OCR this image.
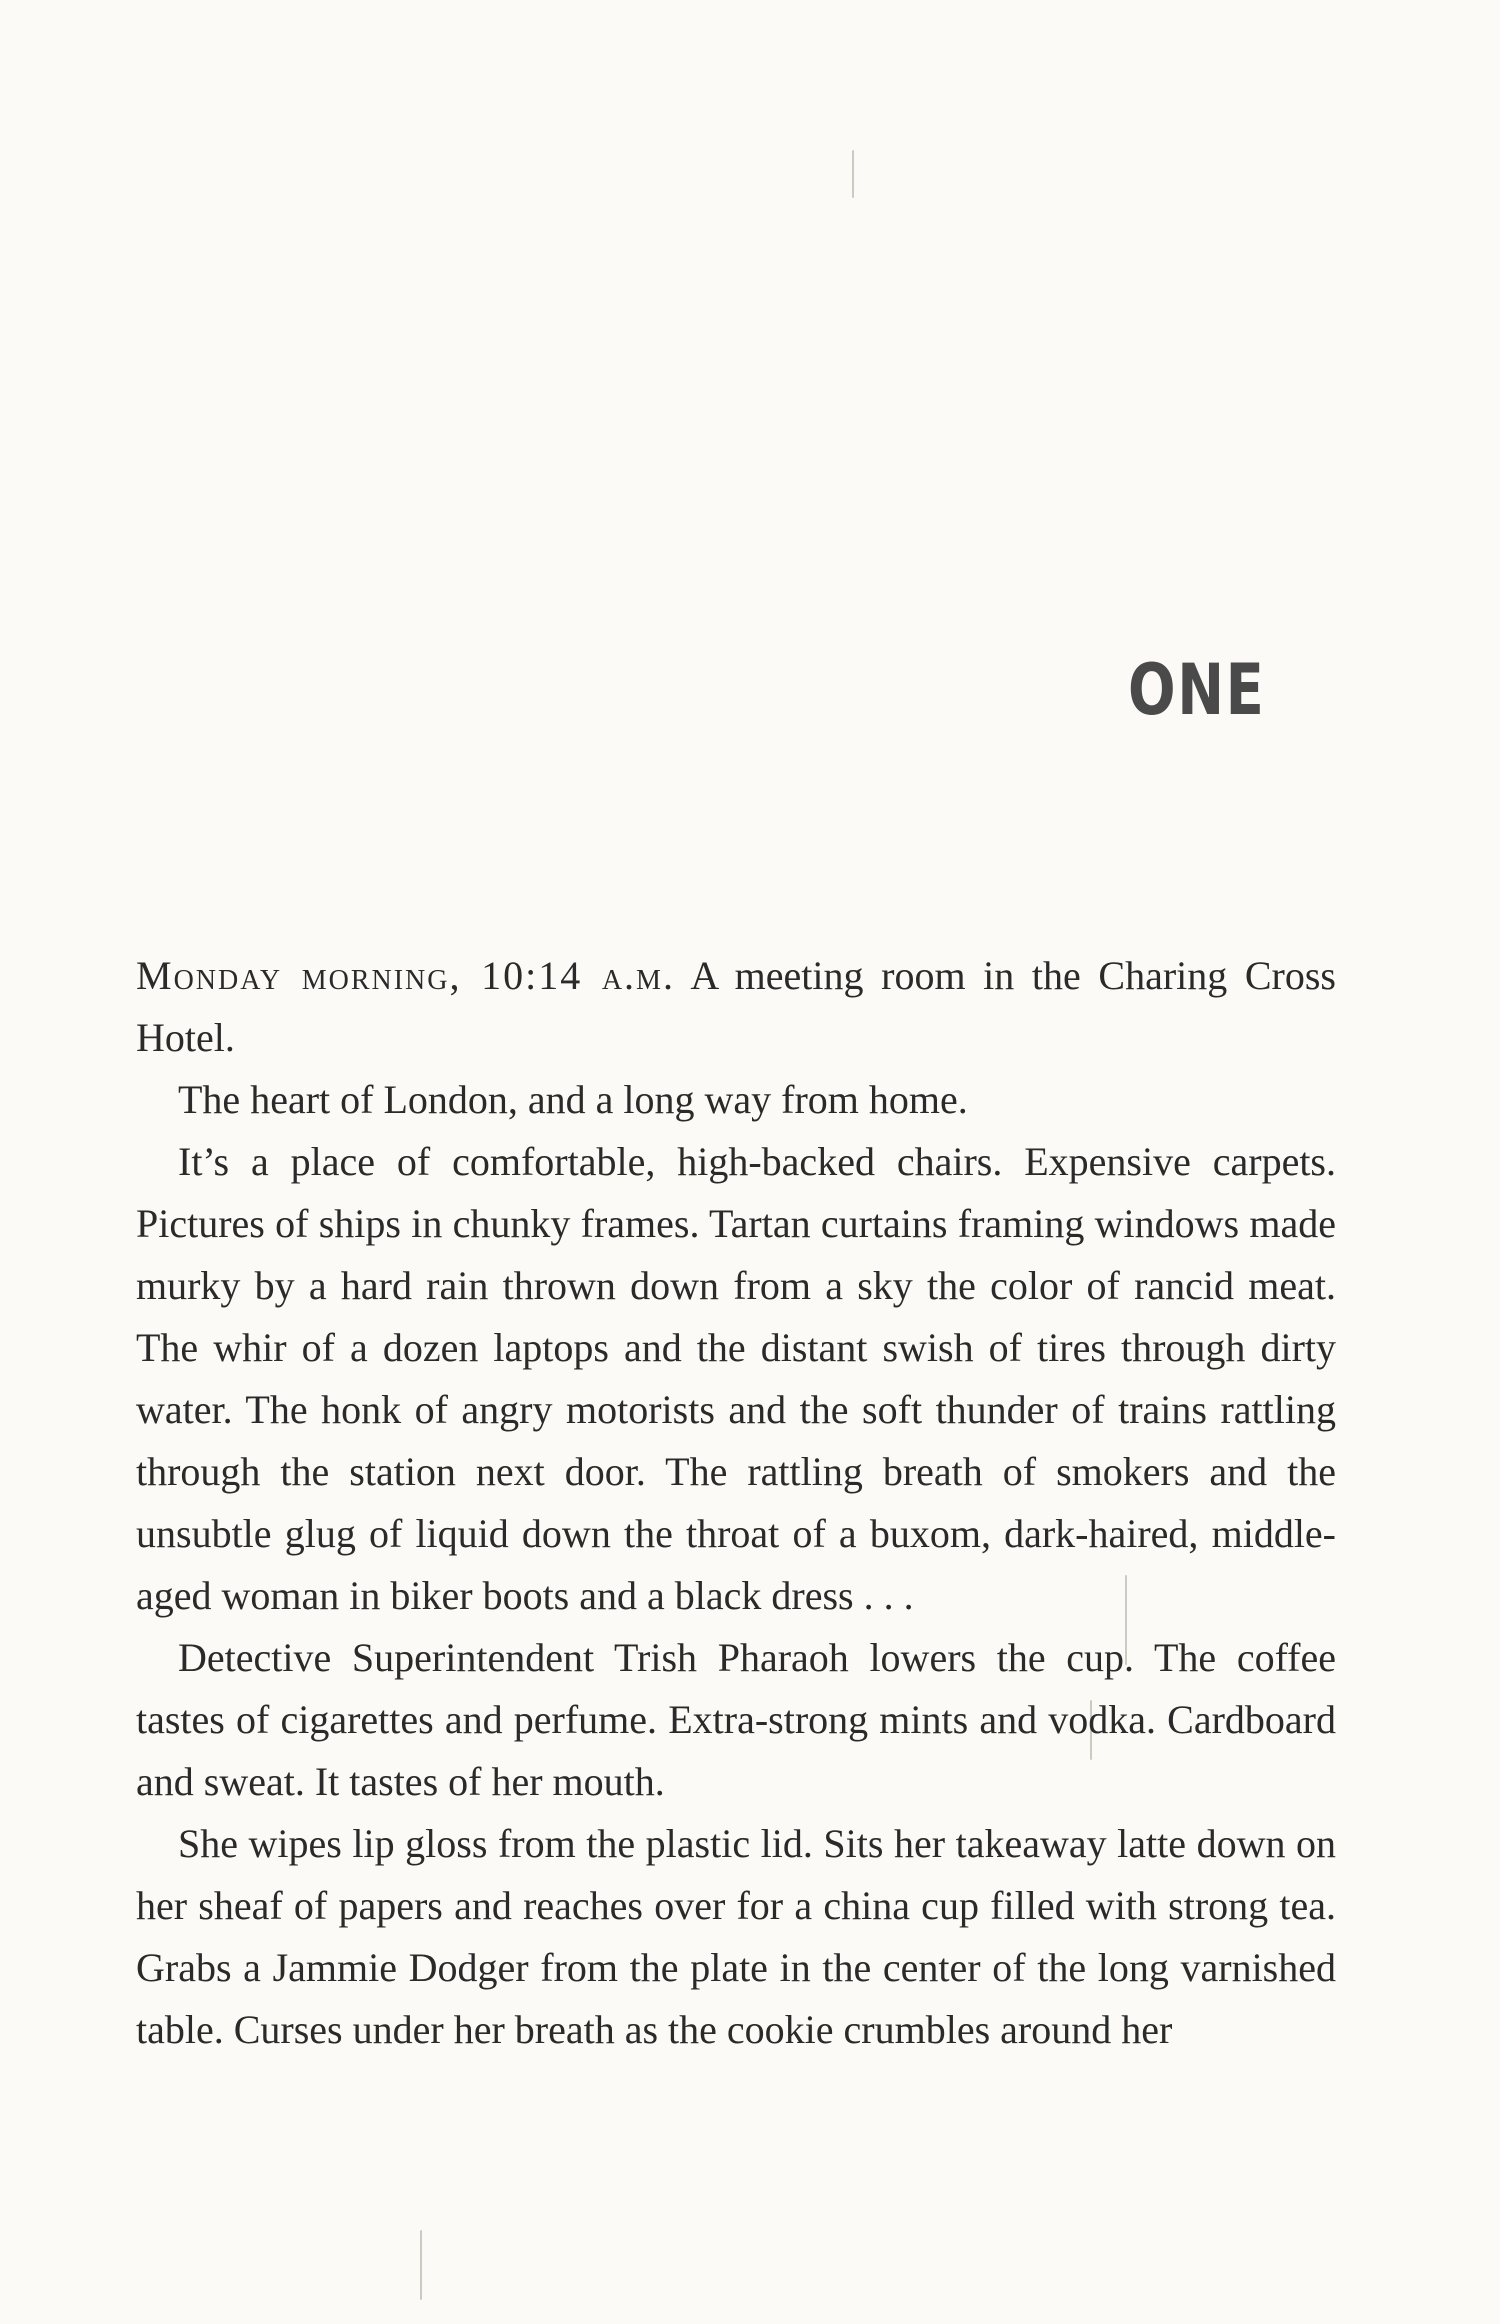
ONE

Monday morning, 10:14 a.m. A meeting room in the Charing Cross Hotel.

The heart of London, and a long way from home.

It’s a place of comfortable, high-backed chairs. Expensive carpets. Pictures of ships in chunky frames. Tartan curtains framing windows made murky by a hard rain thrown down from a sky the color of rancid meat. The whir of a dozen laptops and the distant swish of tires through dirty water. The honk of angry motorists and the soft thunder of trains rattling through the station next door. The rattling breath of smokers and the unsubtle glug of liquid down the throat of a buxom, dark-haired, middle-aged woman in biker boots and a black dress . . .

Detective Superintendent Trish Pharaoh lowers the cup. The coffee tastes of cigarettes and perfume. Extra-strong mints and vodka. Cardboard and sweat. It tastes of her mouth.

She wipes lip gloss from the plastic lid. Sits her takeaway latte down on her sheaf of papers and reaches over for a china cup filled with strong tea. Grabs a Jammie Dodger from the plate in the center of the long varnished table. Curses under her breath as the cookie crumbles around her
